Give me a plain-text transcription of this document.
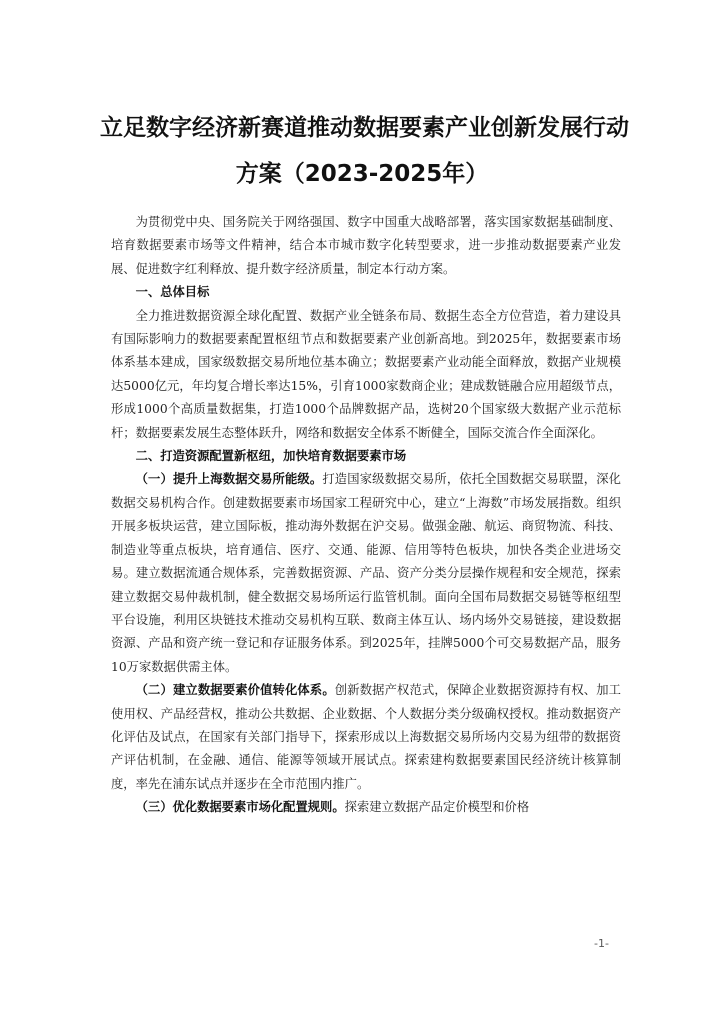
立足数字经济新赛道推动数据要素产业创新发展行动
方案（2023-2025年）

为贯彻党中央、国务院关于网络强国、数字中国重大战略部署，落实国家数据基础制度、培育数据要素市场等文件精神，结合本市城市数字化转型要求，进一步推动数据要素产业发展、促进数字红利释放、提升数字经济质量，制定本行动方案。

一、总体目标

全力推进数据资源全球化配置、数据产业全链条布局、数据生态全方位营造，着力建设具有国际影响力的数据要素配置枢纽节点和数据要素产业创新高地。到2025年，数据要素市场体系基本建成，国家级数据交易所地位基本确立；数据要素产业动能全面释放，数据产业规模达5000亿元，年均复合增长率达15%，引育1000家数商企业；建成数链融合应用超级节点，形成1000个高质量数据集，打造1000个品牌数据产品，选树20个国家级大数据产业示范标杆；数据要素发展生态整体跃升，网络和数据安全体系不断健全，国际交流合作全面深化。

二、打造资源配置新枢纽，加快培育数据要素市场

（一）提升上海数据交易所能级。打造国家级数据交易所，依托全国数据交易联盟，深化数据交易机构合作。创建数据要素市场国家工程研究中心，建立“上海数”市场发展指数。组织开展多板块运营，建立国际板，推动海外数据在沪交易。做强金融、航运、商贸物流、科技、制造业等重点板块，培育通信、医疗、交通、能源、信用等特色板块，加快各类企业进场交易。建立数据流通合规体系，完善数据资源、产品、资产分类分层操作规程和安全规范，探索建立数据交易仲裁机制，健全数据交易场所运行监管机制。面向全国布局数据交易链等枢纽型平台设施，利用区块链技术推动交易机构互联、数商主体互认、场内场外交易链接，建设数据资源、产品和资产统一登记和存证服务体系。到2025年，挂牌5000个可交易数据产品，服务10万家数据供需主体。

（二）建立数据要素价值转化体系。创新数据产权范式，保障企业数据资源持有权、加工使用权、产品经营权，推动公共数据、企业数据、个人数据分类分级确权授权。推动数据资产化评估及试点，在国家有关部门指导下，探索形成以上海数据交易所场内交易为纽带的数据资产评估机制，在金融、通信、能源等领域开展试点。探索建构数据要素国民经济统计核算制度，率先在浦东试点并逐步在全市范围内推广。

（三）优化数据要素市场化配置规则。探索建立数据产品定价模型和价格

-1-
